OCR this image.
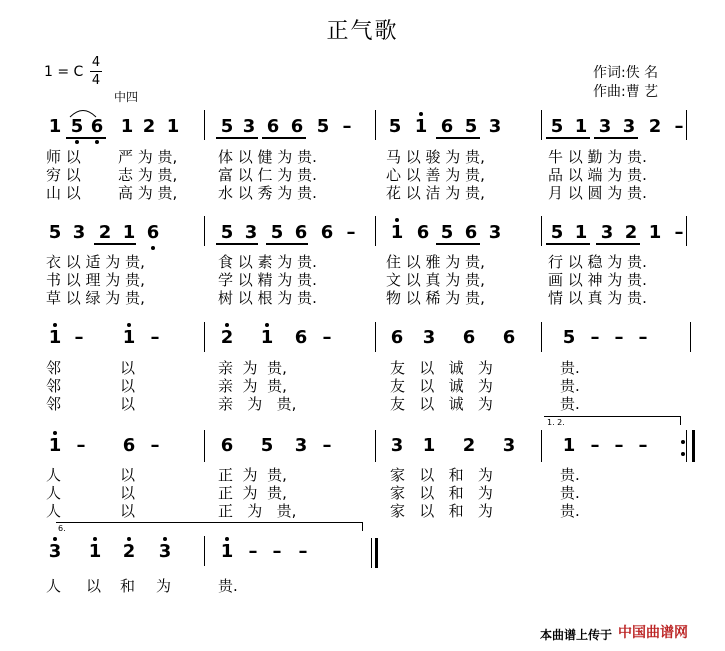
正气歌
1 = C
4
4
中四
作词:佚 名
作曲:曹 艺
1 5 6 1 2 1 5 3 6 6 5 – 5 1 6 5 3	5 1 3 3 2 –
5 3 2 1 6	5 3 5 6 6 – 1 6 5 6 3	5 1 3 2 1 –
1 – 1 –	2 1 6 –	6 3 6 6	5 – – –
1 – 6 –	6 5 3 –	3 1 2 3	1 – – –
3 1 2 3	1 – – –
1. 2.
6.
师 以 严 为 贵,	体 以 健 为 贵.	马 以 骏 为 贵,	牛 以 勤 为 贵.
穷 以 志 为 贵,	富 以 仁 为 贵.	心 以 善 为 贵,	品 以 端 为 贵.
山 以 高 为 贵,	水 以 秀 为 贵.	花 以 洁 为 贵,	月 以 圆 为 贵.
衣 以 适 为 贵,	食 以 素 为 贵.	住 以 雅 为 贵,	行 以 稳 为 贵.
书 以 理 为 贵,	学 以 精 为 贵.	文 以 真 为 贵,	画 以 神 为 贵.
草 以 绿 为 贵,	树 以 根 为 贵.	物 以 稀 为 贵,	情 以 真 为 贵.
邻	以	亲  为  贵,	友   以   诚   为	贵.
邻	以	亲  为  贵,	友   以   诚   为	贵.
邻	以	亲   为   贵,	友   以   诚   为	贵.
人	以	正  为  贵,	家   以   和   为	贵.
人	以	正  为  贵,	家   以   和   为	贵.
人	以	正   为   贵,	家   以   和   为	贵.
人 以 和 为	贵.
本曲谱上传于 中国曲谱网
